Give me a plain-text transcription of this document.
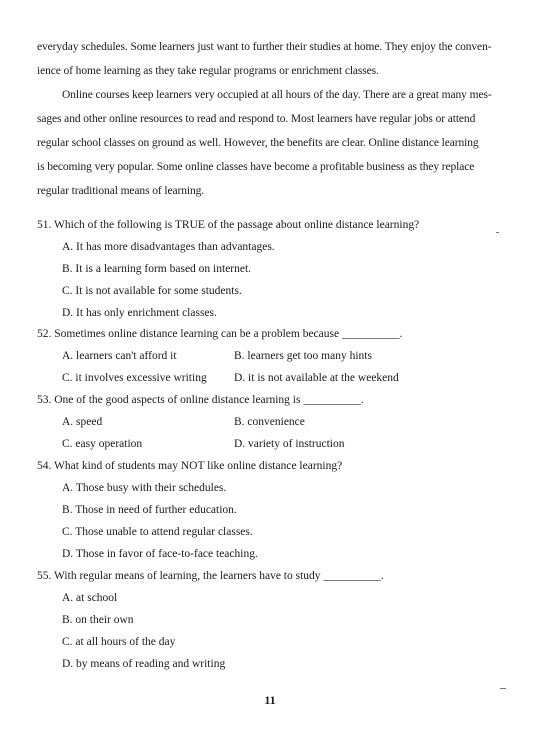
everyday schedules. Some learners just want to further their studies at home. They enjoy the conven-
ience of home learning as they take regular programs or enrichment classes.
Online courses keep learners very occupied at all hours of the day. There are a great many mes-
sages and other online resources to read and respond to. Most learners have regular jobs or attend
regular school classes on ground as well. However, the benefits are clear. Online distance learning
is becoming very popular. Some online classes have become a profitable business as they replace
regular traditional means of learning.
51. Which of the following is TRUE of the passage about online distance learning?
A. It has more disadvantages than advantages.
B. It is a learning form based on internet.
C. It is not available for some students.
D. It has only enrichment classes.
52. Sometimes online distance learning can be a problem because __________.
A. learners can't afford it	B. learners get too many hints
C. it involves excessive writing D. it is not available at the weekend
53. One of the good aspects of online distance learning is __________.
A. speed	B. convenience
C. easy operation	D. variety of instruction
54. What kind of students may NOT like online distance learning?
A. Those busy with their schedules.
B. Those in need of further education.
C. Those unable to attend regular classes.
D. Those in favor of face-to-face teaching.
55. With regular means of learning, the learners have to study __________.
A. at school
B. on their own
C. at all hours of the day
D. by means of reading and writing
11
